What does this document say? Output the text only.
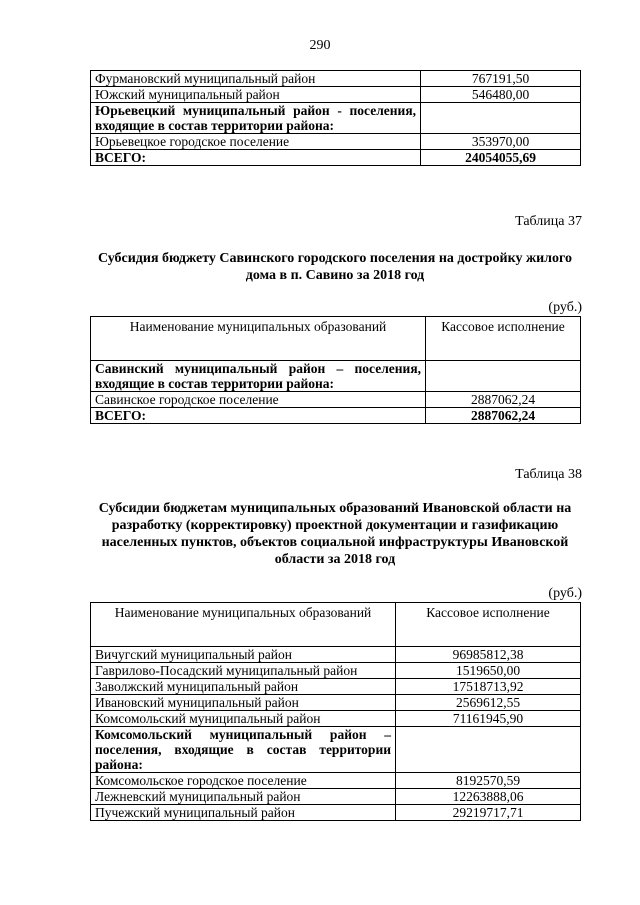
290
Фурмановский муниципальный район	767191,50
Южский муниципальный район	546480,00
Юрьевецкий муниципальный район - поселения, входящие в состав территории района:	
Юрьевецкое городское поселение	353970,00
ВСЕГО:	24054055,69
Таблица 37
Субсидия бюджету Савинского городского поселения на достройку жилого дома в п. Савино за 2018 год
(руб.)
Наименование муниципальных образований	Кассовое исполнение
Савинский муниципальный район – поселения, входящие в состав территории района:	
Савинское городское поселение	2887062,24
ВСЕГО:	2887062,24
Таблица 38
Субсидии бюджетам муниципальных образований Ивановской области на разработку (корректировку) проектной документации и газификацию населенных пунктов, объектов социальной инфраструктуры Ивановской области за 2018 год
(руб.)
Наименование муниципальных образований	Кассовое исполнение
Вичугский муниципальный район	96985812,38
Гаврилово-Посадский муниципальный район	1519650,00
Заволжский муниципальный район	17518713,92
Ивановский муниципальный район	2569612,55
Комсомольский муниципальный район	71161945,90
Комсомольский муниципальный район – поселения, входящие в состав территории района:	
Комсомольское городское поселение	8192570,59
Лежневский муниципальный район	12263888,06
Пучежский муниципальный район	29219717,71
